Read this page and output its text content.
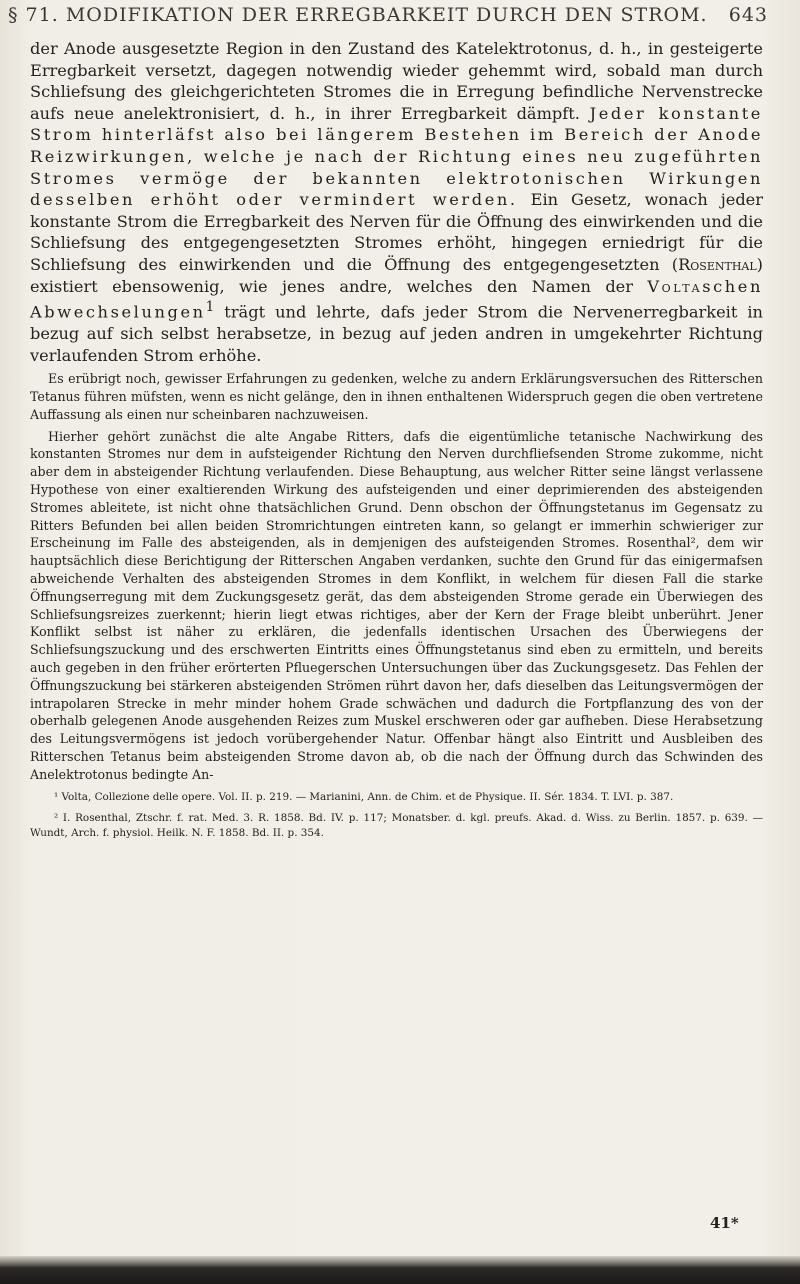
§ 71. MODIFIKATION DER ERREGBARKEIT DURCH DEN STROM. 643

der Anode ausgesetzte Region in den Zustand des Katelektrotonus, d. h., in gesteigerte Erregbarkeit versetzt, dagegen notwendig wieder gehemmt wird, sobald man durch Schliefsung des gleichgerichteten Stromes die in Erregung befindliche Nervenstrecke aufs neue anelektronisiert, d. h., in ihrer Erregbarkeit dämpft. Jeder konstante Strom hinterläfst also bei längerem Bestehen im Bereich der Anode Reizwirkungen, welche je nach der Richtung eines neu zugeführten Stromes vermöge der bekannten elektrotonischen Wirkungen desselben erhöht oder vermindert werden. Ein Gesetz, wonach jeder konstante Strom die Erregbarkeit des Nerven für die Öffnung des einwirkenden und die Schliefsung des entgegengesetzten Stromes erhöht, hingegen erniedrigt für die Schliefsung des einwirkenden und die Öffnung des entgegengesetzten (Rosenthal) existiert ebensowenig, wie jenes andre, welches den Namen der Voltaschen Abwechselungen$^1$ trägt und lehrte, dafs jeder Strom die Nervenerregbarkeit in bezug auf sich selbst herabsetze, in bezug auf jeden andren in umgekehrter Richtung verlaufenden Strom erhöhe.

Es erübrigt noch, gewisser Erfahrungen zu gedenken, welche zu andern Erklärungsversuchen des Ritterschen Tetanus führen müfsten, wenn es nicht gelänge, den in ihnen enthaltenen Widerspruch gegen die oben vertretene Auffassung als einen nur scheinbaren nachzuweisen.

Hierher gehört zunächst die alte Angabe Ritters, dafs die eigentümliche tetanische Nachwirkung des konstanten Stromes nur dem in aufsteigender Richtung den Nerven durchfliefsenden Strome zukomme, nicht aber dem in absteigender Richtung verlaufenden. Diese Behauptung, aus welcher Ritter seine längst verlassene Hypothese von einer exaltierenden Wirkung des aufsteigenden und einer deprimierenden des absteigenden Stromes ableitete, ist nicht ohne thatsächlichen Grund. Denn obschon der Öffnungstetanus im Gegensatz zu Ritters Befunden bei allen beiden Stromrichtungen eintreten kann, so gelangt er immerhin schwieriger zur Erscheinung im Falle des absteigenden, als in demjenigen des aufsteigenden Stromes. Rosenthal², dem wir hauptsächlich diese Berichtigung der Ritterschen Angaben verdanken, suchte den Grund für das einigermafsen abweichende Verhalten des absteigenden Stromes in dem Konflikt, in welchem für diesen Fall die starke Öffnungserregung mit dem Zuckungsgesetz gerät, das dem absteigenden Strome gerade ein Überwiegen des Schliefsungsreizes zuerkennt; hierin liegt etwas richtiges, aber der Kern der Frage bleibt unberührt. Jener Konflikt selbst ist näher zu erklären, die jedenfalls identischen Ursachen des Überwiegens der Schliefsungszuckung und des erschwerten Eintritts eines Öffnungstetanus sind eben zu ermitteln, und bereits auch gegeben in den früher erörterten Pfluegerschen Untersuchungen über das Zuckungsgesetz. Das Fehlen der Öffnungszuckung bei stärkeren absteigenden Strömen rührt davon her, dafs dieselben das Leitungsvermögen der intrapolaren Strecke in mehr minder hohem Grade schwächen und dadurch die Fortpflanzung des von der oberhalb gelegenen Anode ausgehenden Reizes zum Muskel erschweren oder gar aufheben. Diese Herabsetzung des Leitungsvermögens ist jedoch vorübergehender Natur. Offenbar hängt also Eintritt und Ausbleiben des Ritterschen Tetanus beim absteigenden Strome davon ab, ob die nach der Öffnung durch das Schwinden des Anelektrotonus bedingte An-

¹ Volta, Collezione delle opere. Vol. II. p. 219. — Marianini, Ann. de Chim. et de Physique. II. Sér. 1834. T. LVI. p. 387.

² I. Rosenthal, Ztschr. f. rat. Med. 3. R. 1858. Bd. IV. p. 117; Monatsber. d. kgl. preufs. Akad. d. Wiss. zu Berlin. 1857. p. 639. — Wundt, Arch. f. physiol. Heilk. N. F. 1858. Bd. II. p. 354.

41*
